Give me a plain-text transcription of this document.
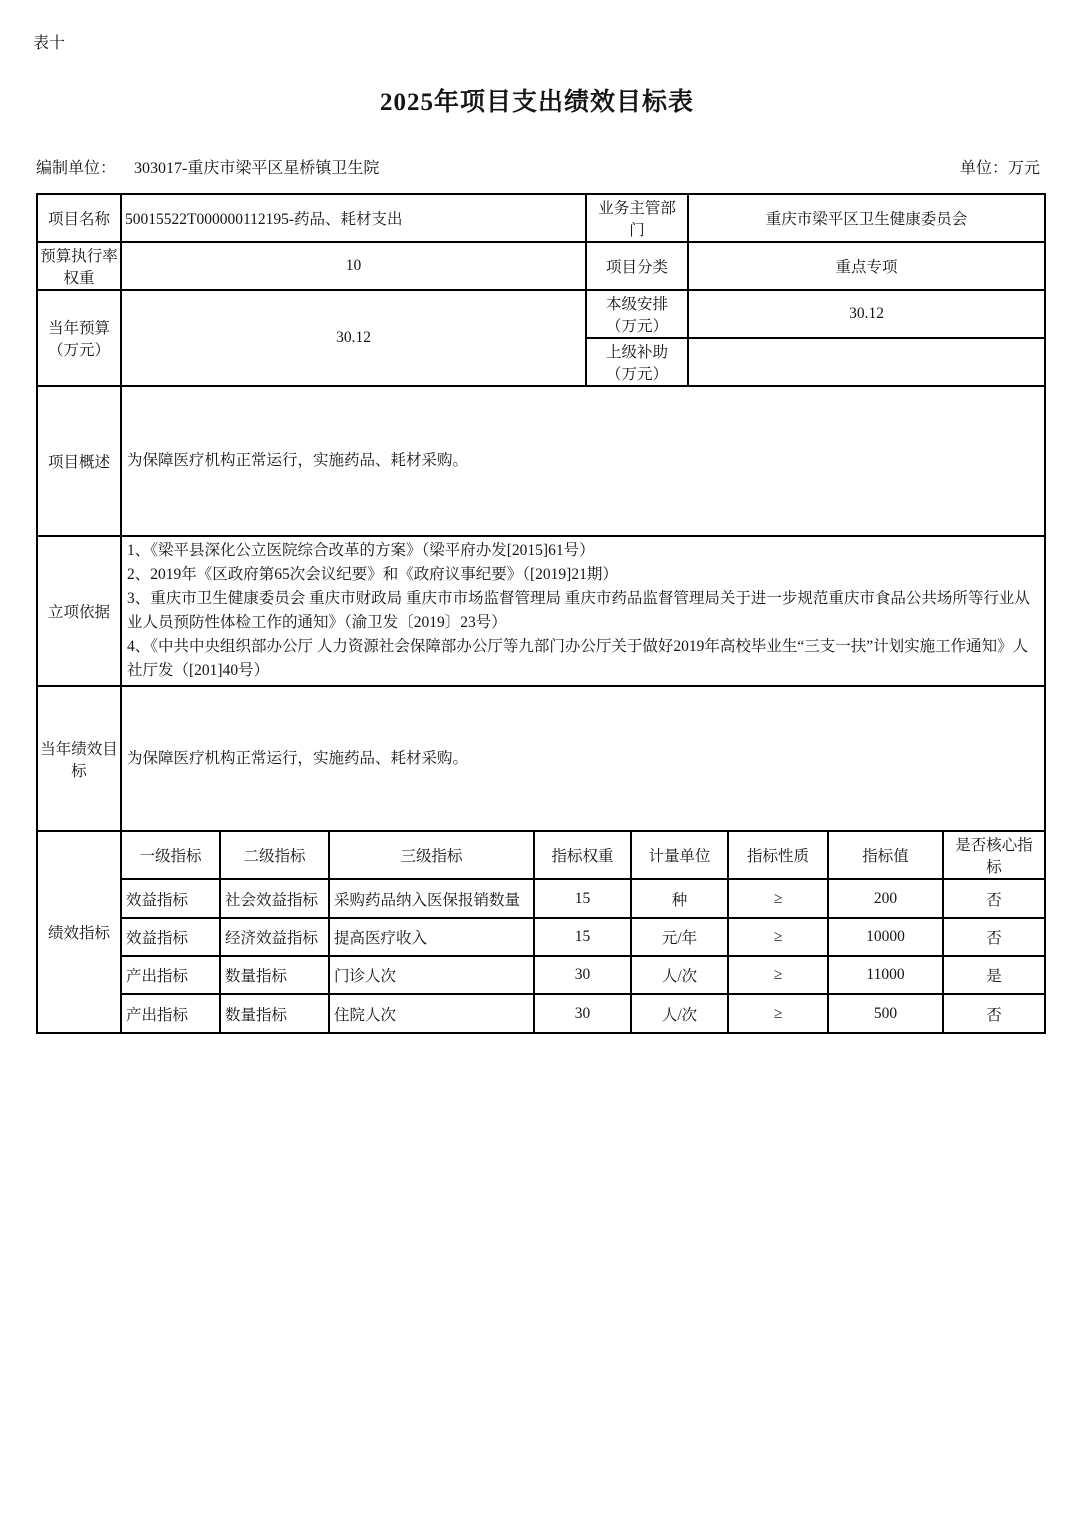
表十
2025年项目支出绩效目标表
编制单位： 303017-重庆市梁平区星桥镇卫生院	单位：万元
项目名称	50015522T000000112195-药品、耗材支出	业务主管部门	重庆市梁平区卫生健康委员会
预算执行率权重	10	项目分类	重点专项
当年预算（万元）	30.12	本级安排（万元）	30.12
		上级补助（万元）	
项目概述	为保障医疗机构正常运行，实施药品、耗材采购。		
立项依据	1、《梁平县深化公立医院综合改革的方案》（梁平府办发[2015]61号）
2、2019年《区政府第65次会议纪要》和《政府议事纪要》（[2019]21期）
3、重庆市卫生健康委员会 重庆市财政局 重庆市市场监督管理局 重庆市药品监督管理局关于进一步规范重庆市食品公共场所等行业从业人员预防性体检工作的通知》（渝卫发〔2019〕23号）
4、《中共中央组织部办公厅 人力资源社会保障部办公厅等九部门办公厅关于做好2019年高校毕业生“三支一扶”计划实施工作通知》人社厅发（[201]40号）		

当年绩效目标	为保障医疗机构正常运行，实施药品、耗材采购。		
绩效指标	一级指标	二级指标	三级指标	指标权重	计量单位	指标性质	指标值	是否核心指标
	效益指标	社会效益指标	采购药品纳入医保报销数量	15	种	≥	200	否
	效益指标	经济效益指标	提高医疗收入	15	元/年	≥	10000	否
	产出指标	数量指标	门诊人次	30	人/次	≥	11000	是
	产出指标	数量指标	住院人次	30	人/次	≥	500	否
